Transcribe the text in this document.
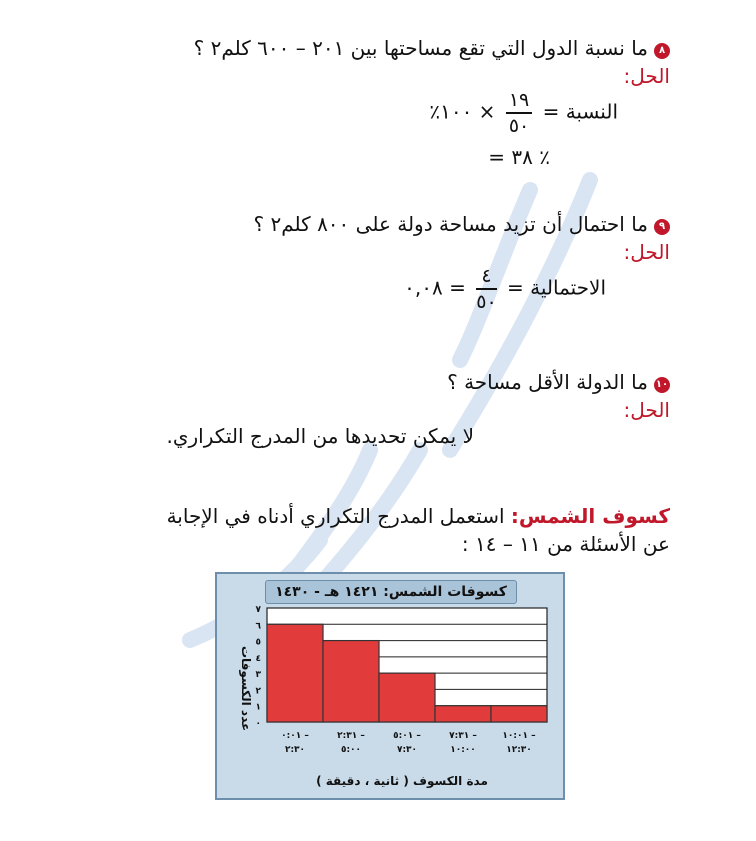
٨ما نسبة الدول التي تقع مساحتها بين ٢٠١ – ٦٠٠ كلم٢ ؟
الحل:
النسبة =
$\frac{١٩}{٥٠}$
× ١٠٠٪
= ٣٨ ٪
٩ما احتمال أن تزيد مساحة دولة على ٨٠٠ كلم٢ ؟
الحل:
الاحتمالية =
$\frac{٤}{٥٠}$
= ٠,٠٨
١٠ما الدولة الأقل مساحة ؟
الحل:
لا يمكن تحديدها من المدرج التكراري.
كسوف الشمس: استعمل المدرج التكراري أدناه في الإجابة
عن الأسئلة من ١١ – ١٤ :
كسوفات الشمس: ١٤٢١ هـ - ١٤٣٠
عدد الكسوفات ٠
١
٢
٣
٤
٥
٦
٧
٠:٠١ –
٢:٣٠
٢:٣١ –
٥:٠٠
٥:٠١ –
٧:٣٠
٧:٣١ –
١٠:٠٠
١٠:٠١ –
١٢:٣٠
مدة الكسوف ( ثانية ، دقيقة )
